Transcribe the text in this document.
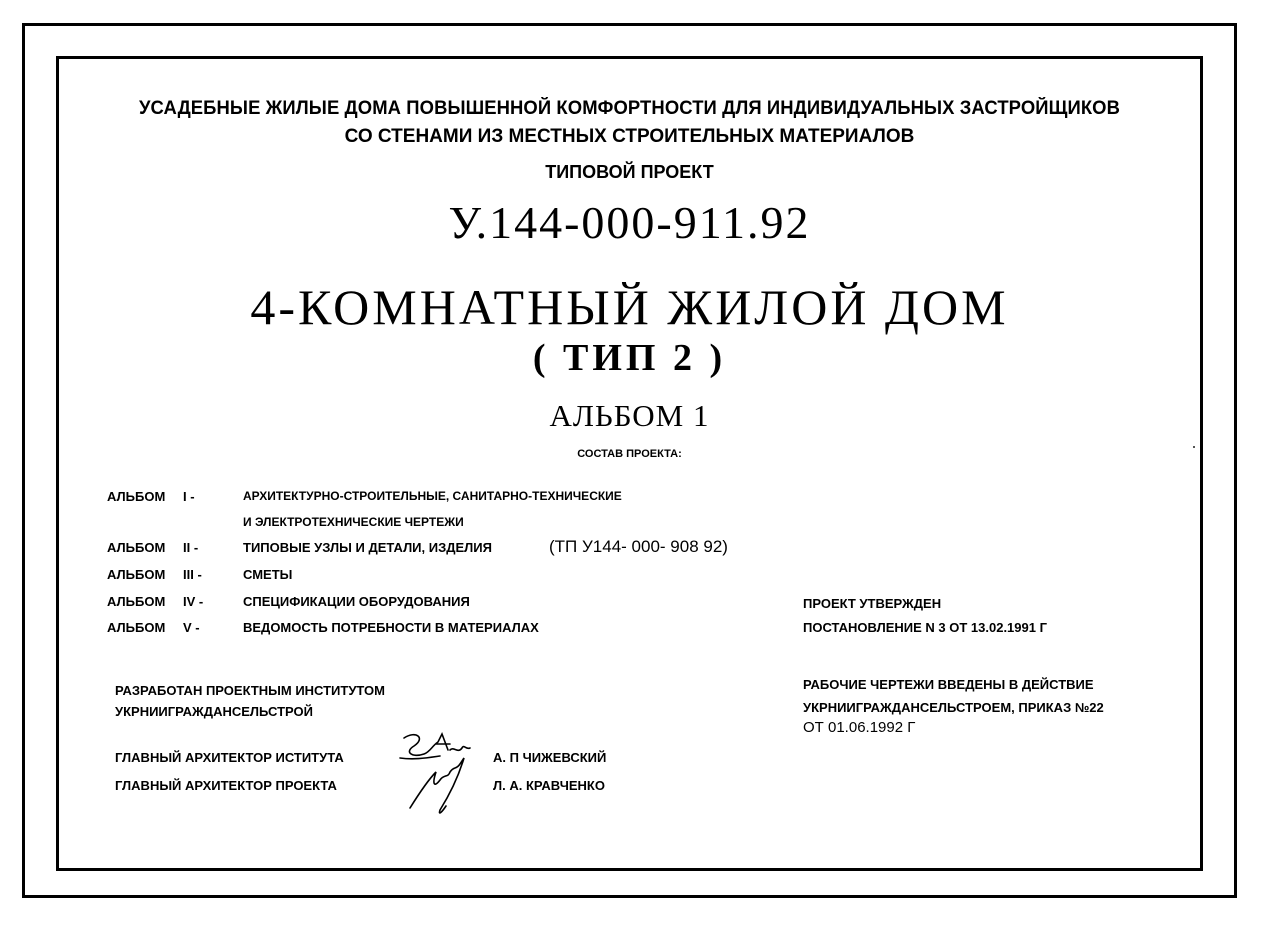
УСАДЕБНЫЕ ЖИЛЫЕ ДОМА ПОВЫШЕННОЙ КОМФОРТНОСТИ ДЛЯ ИНДИВИДУАЛЬНЫХ ЗАСТРОЙЩИКОВ
СО СТЕНАМИ ИЗ МЕСТНЫХ СТРОИТЕЛЬНЫХ МАТЕРИАЛОВ
ТИПОВОЙ ПРОЕКТ
У.144-000-911.92
4-КОМНАТНЫЙ ЖИЛОЙ ДОМ
( ТИП 2 )
АЛЬБОМ 1
СОСТАВ ПРОЕКТА:
АЛЬБОМ I -	АРХИТЕКТУРНО-СТРОИТЕЛЬНЫЕ, САНИТАРНО-ТЕХНИЧЕСКИЕ
И ЭЛЕКТРОТЕХНИЧЕСКИЕ ЧЕРТЕЖИ
АЛЬБОМ II -	ТИПОВЫЕ УЗЛЫ И ДЕТАЛИ, ИЗДЕЛИЯ	(ТП У144- 000- 908 92)
АЛЬБОМ III -	СМЕТЫ
АЛЬБОМ IV -	СПЕЦИФИКАЦИИ ОБОРУДОВАНИЯ
АЛЬБОМ V -	ВЕДОМОСТЬ ПОТРЕБНОСТИ В МАТЕРИАЛАХ
ПРОЕКТ УТВЕРЖДЕН
ПОСТАНОВЛЕНИЕ N 3 ОТ 13.02.1991 Г
РАБОЧИЕ ЧЕРТЕЖИ ВВЕДЕНЫ В ДЕЙСТВИЕ
УКРНИИГРАЖДАНСЕЛЬСТРОЕМ, ПРИКАЗ №22
ОТ 01.06.1992 Г
РАЗРАБОТАН ПРОЕКТНЫМ ИНСТИТУТОМ
УКРНИИГРАЖДАНСЕЛЬСТРОЙ
ГЛАВНЫЙ АРХИТЕКТОР ИСТИТУТА
ГЛАВНЫЙ АРХИТЕКТОР ПРОЕКТА
А. П ЧИЖЕВСКИЙ
Л. А. КРАВЧЕНКО
